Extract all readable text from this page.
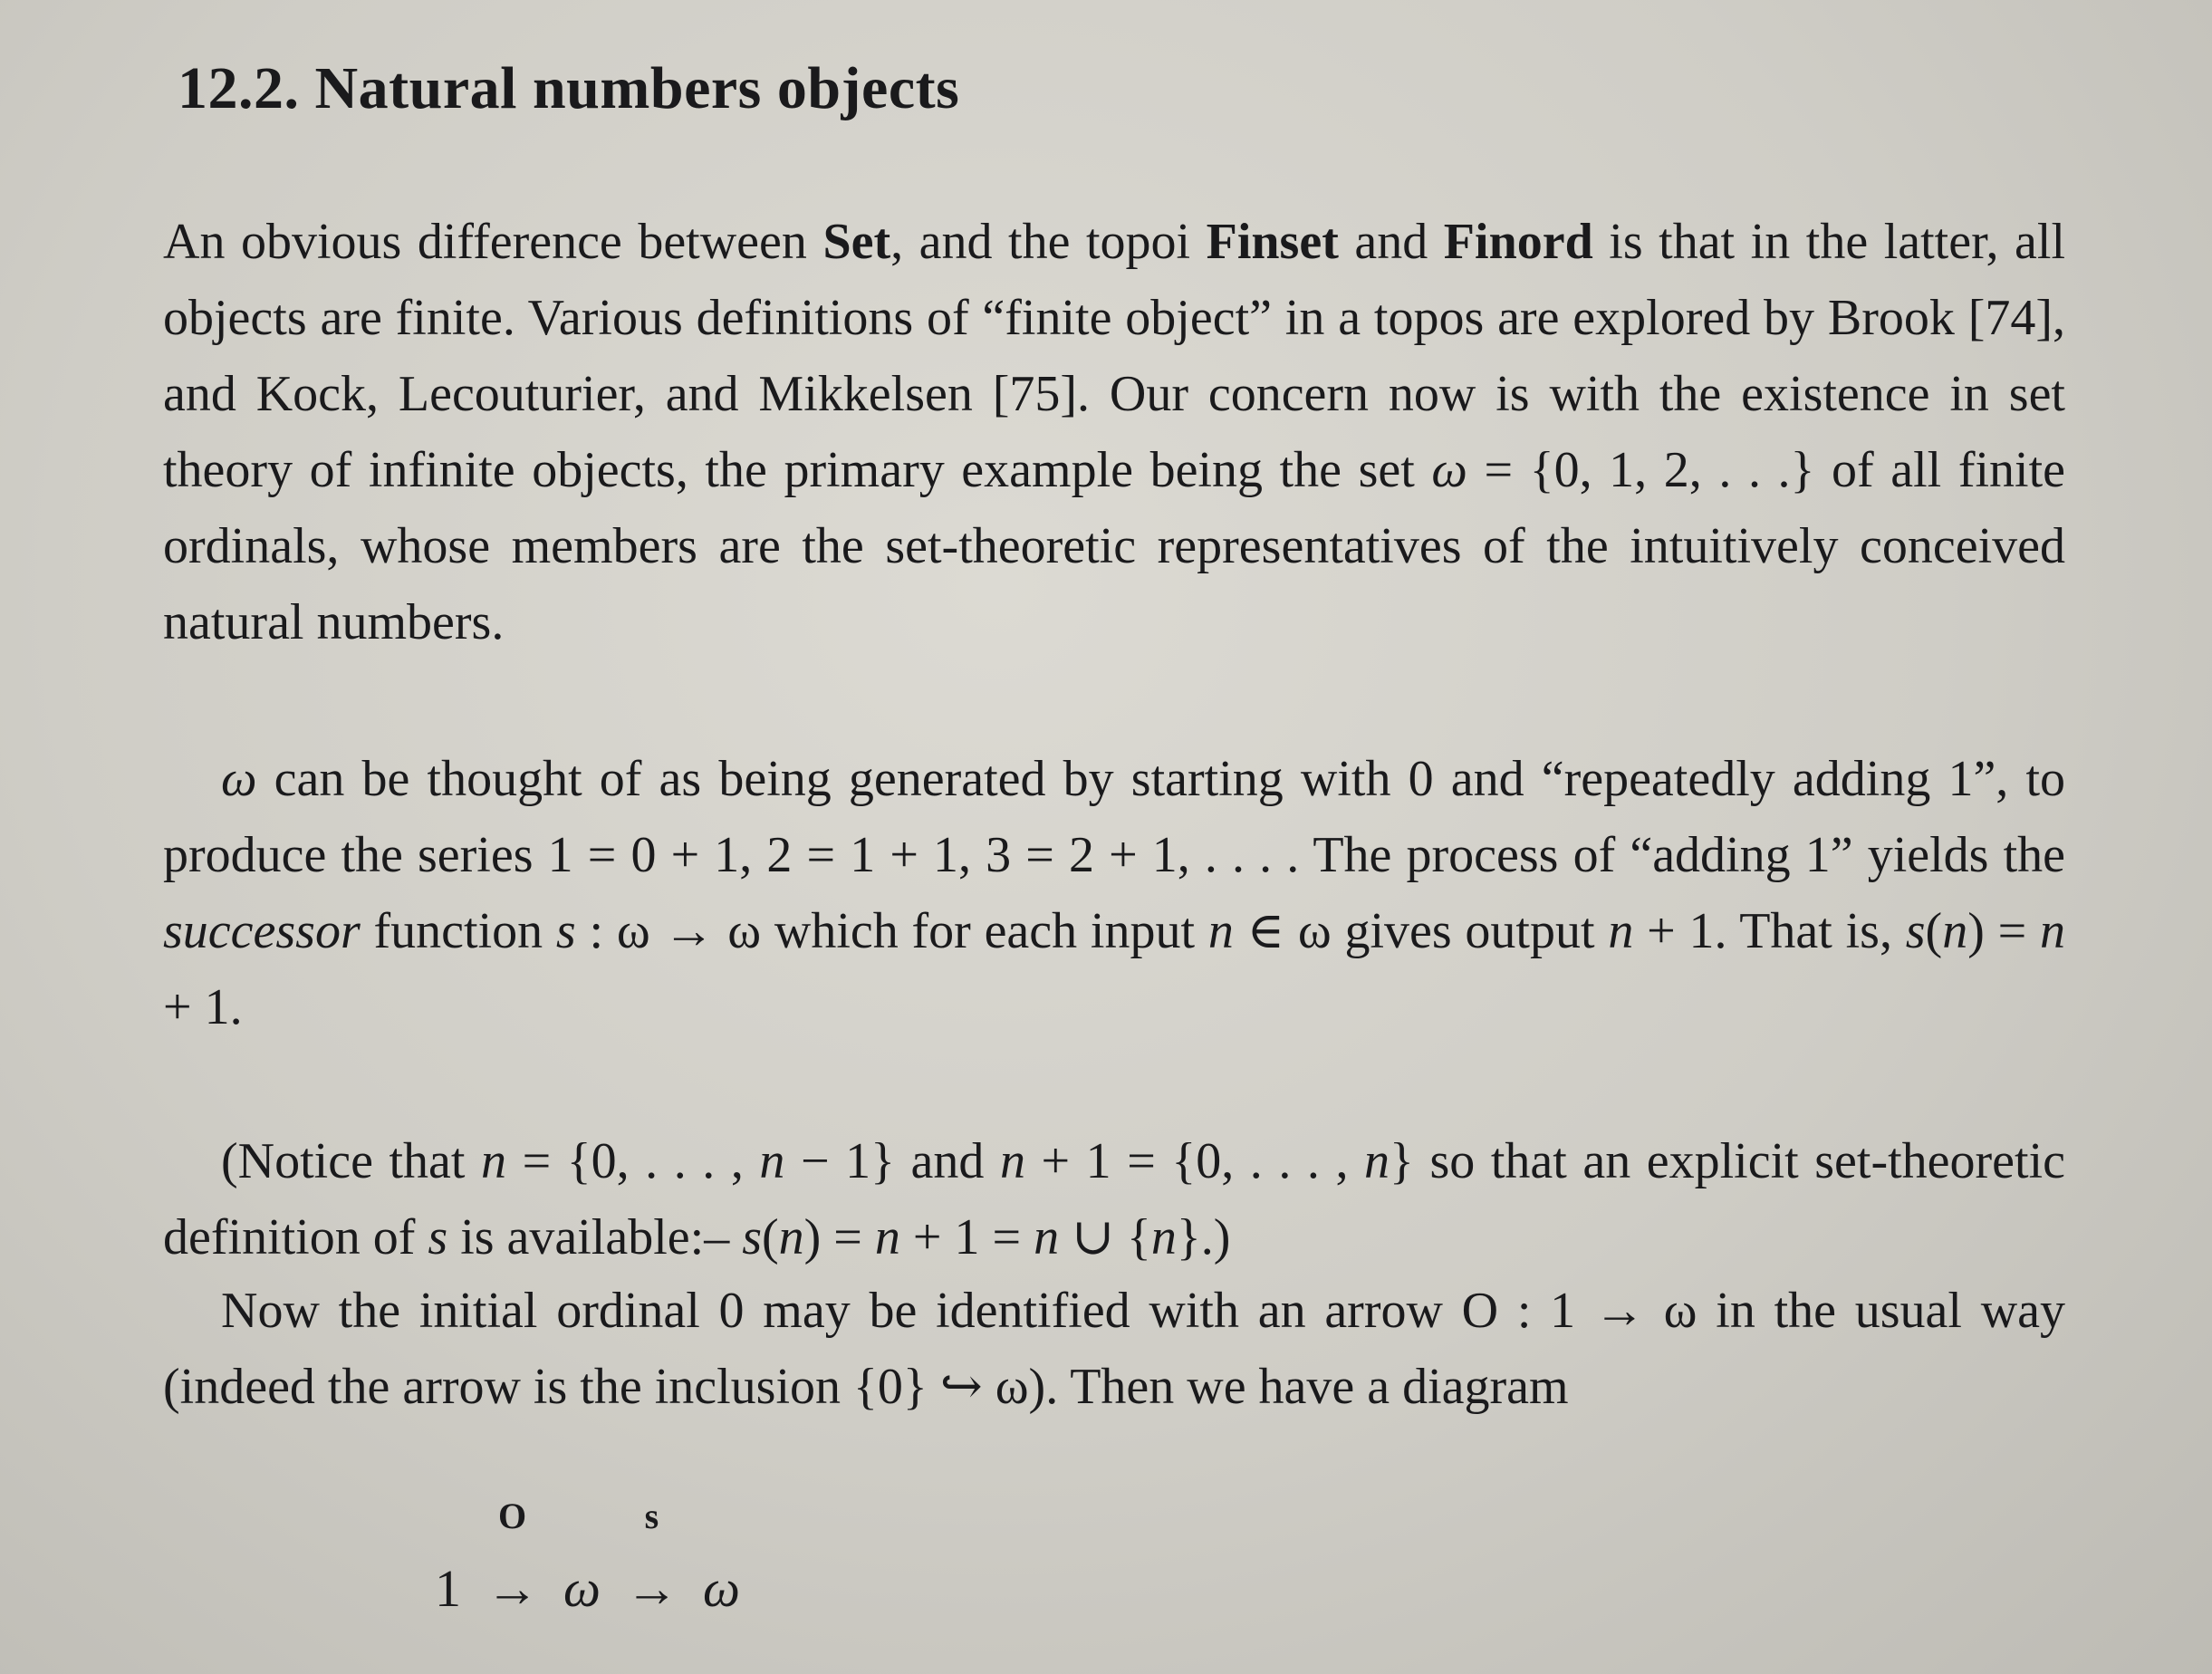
12.2. Natural numbers objects

An obvious difference between Set, and the topoi Finset and Finord is that in the latter, all objects are finite. Various definitions of “finite object” in a topos are explored by Brook [74], and Kock, Lecouturier, and Mikkelsen [75]. Our concern now is with the existence in set theory of infinite objects, the primary example being the set ω = {0, 1, 2, . . .} of all finite ordinals, whose members are the set-theoretic representatives of the intuitively conceived natural numbers.

ω can be thought of as being generated by starting with 0 and “repeatedly adding 1”, to produce the series 1 = 0 + 1, 2 = 1 + 1, 3 = 2 + 1, . . . . The process of “adding 1” yields the successor function s : ω → ω which for each input n ∈ ω gives output n + 1. That is, s(n) = n + 1.

(Notice that n = {0, . . . , n − 1} and n + 1 = {0, . . . , n} so that an explicit set-theoretic definition of s is available:– s(n) = n + 1 = n ∪ {n}.)

Now the initial ordinal 0 may be identified with an arrow O : 1 → ω in the usual way (indeed the arrow is the inclusion {0} ↪ ω). Then we have a diagram

1
O
→ ω
s
→ ω
